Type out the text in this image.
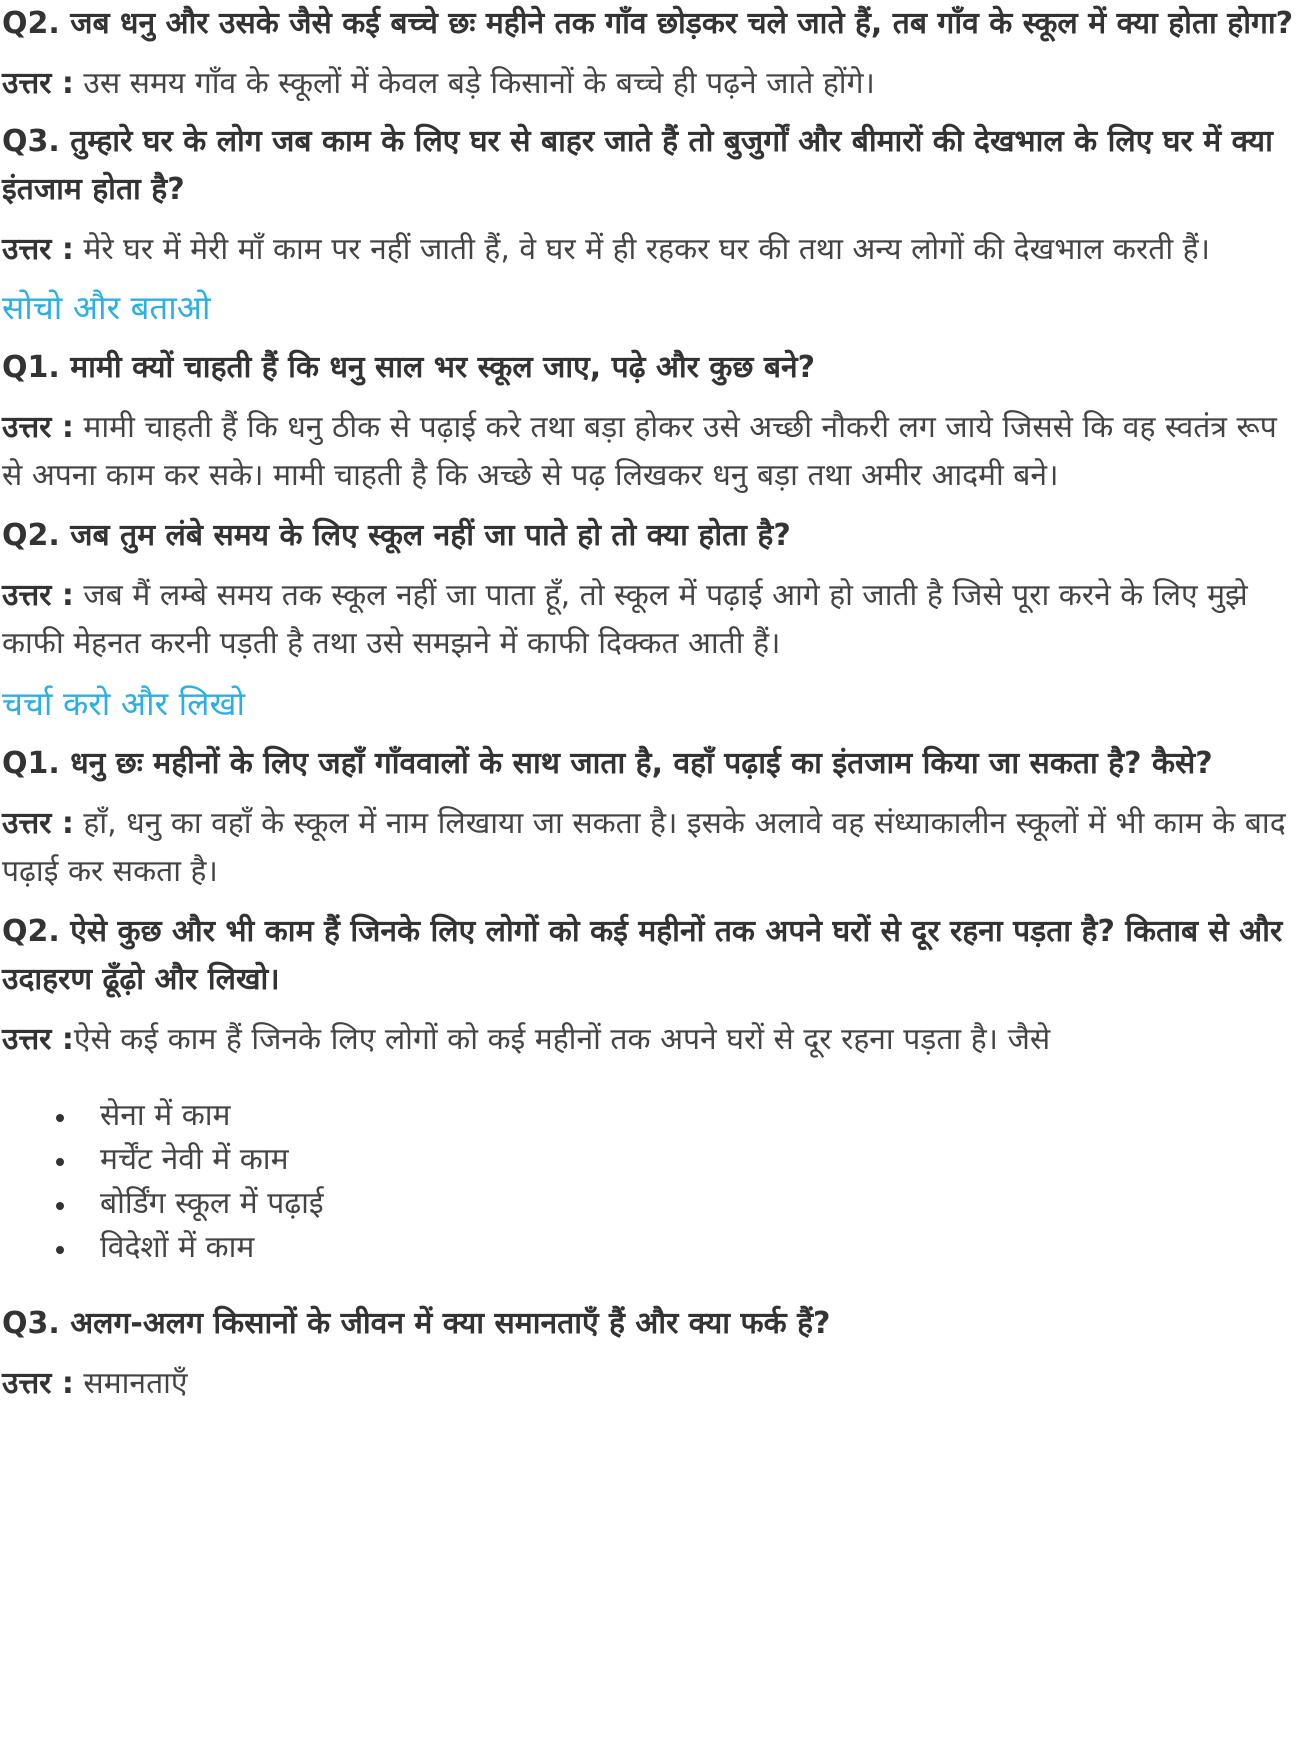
Q2. जब धनु और उसके जैसे कई बच्चे छः महीने तक गाँव छोड़कर चले जाते हैं, तब गाँव के स्कूल में क्या होता होगा?

उत्तर : उस समय गाँव के स्कूलों में केवल बड़े किसानों के बच्चे ही पढ़ने जाते होंगे।

Q3. तुम्हारे घर के लोग जब काम के लिए घर से बाहर जाते हैं तो बुजुर्गों और बीमारों की देखभाल के लिए घर में क्या इंतजाम होता है?

उत्तर : मेरे घर में मेरी माँ काम पर नहीं जाती हैं, वे घर में ही रहकर घर की तथा अन्य लोगों की देखभाल करती हैं।

सोचो और बताओ

Q1. मामी क्यों चाहती हैं कि धनु साल भर स्कूल जाए, पढ़े और कुछ बने?

उत्तर : मामी चाहती हैं कि धनु ठीक से पढ़ाई करे तथा बड़ा होकर उसे अच्छी नौकरी लग जाये जिससे कि वह स्वतंत्र रूप से अपना काम कर सके। मामी चाहती है कि अच्छे से पढ़ लिखकर धनु बड़ा तथा अमीर आदमी बने।

Q2. जब तुम लंबे समय के लिए स्कूल नहीं जा पाते हो तो क्या होता है?

उत्तर : जब मैं लम्बे समय तक स्कूल नहीं जा पाता हूँ, तो स्कूल में पढ़ाई आगे हो जाती है जिसे पूरा करने के लिए मुझे काफी मेहनत करनी पड़ती है तथा उसे समझने में काफी दिक्कत आती हैं।

चर्चा करो और लिखो

Q1. धनु छः महीनों के लिए जहाँ गाँववालों के साथ जाता है, वहाँ पढ़ाई का इंतजाम किया जा सकता है? कैसे?

उत्तर : हाँ, धनु का वहाँ के स्कूल में नाम लिखाया जा सकता है। इसके अलावे वह संध्याकालीन स्कूलों में भी काम के बाद पढ़ाई कर सकता है।

Q2. ऐसे कुछ और भी काम हैं जिनके लिए लोगों को कई महीनों तक अपने घरों से दूर रहना पड़ता है? किताब से और उदाहरण ढूँढ़ो और लिखो।

उत्तर :ऐसे कई काम हैं जिनके लिए लोगों को कई महीनों तक अपने घरों से दूर रहना पड़ता है। जैसे

सेना में काम
मर्चेंट नेवी में काम
बोर्डिंग स्कूल में पढ़ाई
विदेशों में काम

Q3. अलग-अलग किसानों के जीवन में क्या समानताएँ हैं और क्या फर्क हैं?

उत्तर : समानताएँ
